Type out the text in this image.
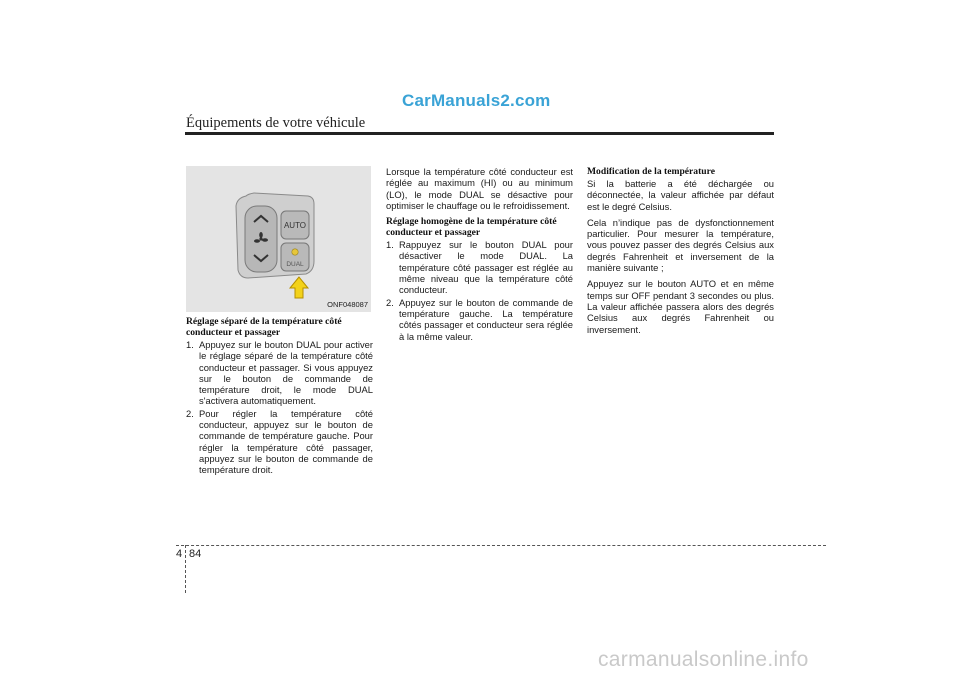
CarManuals2.com
Équipements de votre véhicule
AUTO
DUAL
ONF048087
Réglage séparé de la température côté conducteur et passager
1. Appuyez sur le bouton DUAL pour activer le réglage séparé de la température côté conducteur et passager. Si vous appuyez sur le bouton de commande de température droit, le mode DUAL s'activera automatiquement.
2. Pour régler la température côté conducteur, appuyez sur le bouton de commande de température gauche. Pour régler la température côté passager, appuyez sur le bouton de commande de température droit.
Lorsque la température côté conducteur est réglée au maximum (HI) ou au minimum (LO), le mode DUAL se désactive pour optimiser le chauffage ou le refroidissement.
Réglage homogène de la température côté conducteur et passager
1. Rappuyez sur le bouton DUAL pour désactiver le mode DUAL. La température côté passager est réglée au même niveau que la température côté conducteur.
2. Appuyez sur le bouton de commande de température gauche. La température côtés passager et conducteur sera réglée à la même valeur.
Modification de la température
Si la batterie a été déchargée ou déconnectée, la valeur affichée par défaut est le degré Celsius.
Cela n’indique pas de dysfonctionnement particulier. Pour mesurer la température, vous pouvez passer des degrés Celsius aux degrés Fahrenheit et inversement de la manière suivante ;
Appuyez sur le bouton AUTO et en même temps sur OFF pendant 3 secondes ou plus. La valeur affichée passera alors des degrés Celsius aux degrés Fahrenheit ou inversement.
4 84
carmanualsonline.info
